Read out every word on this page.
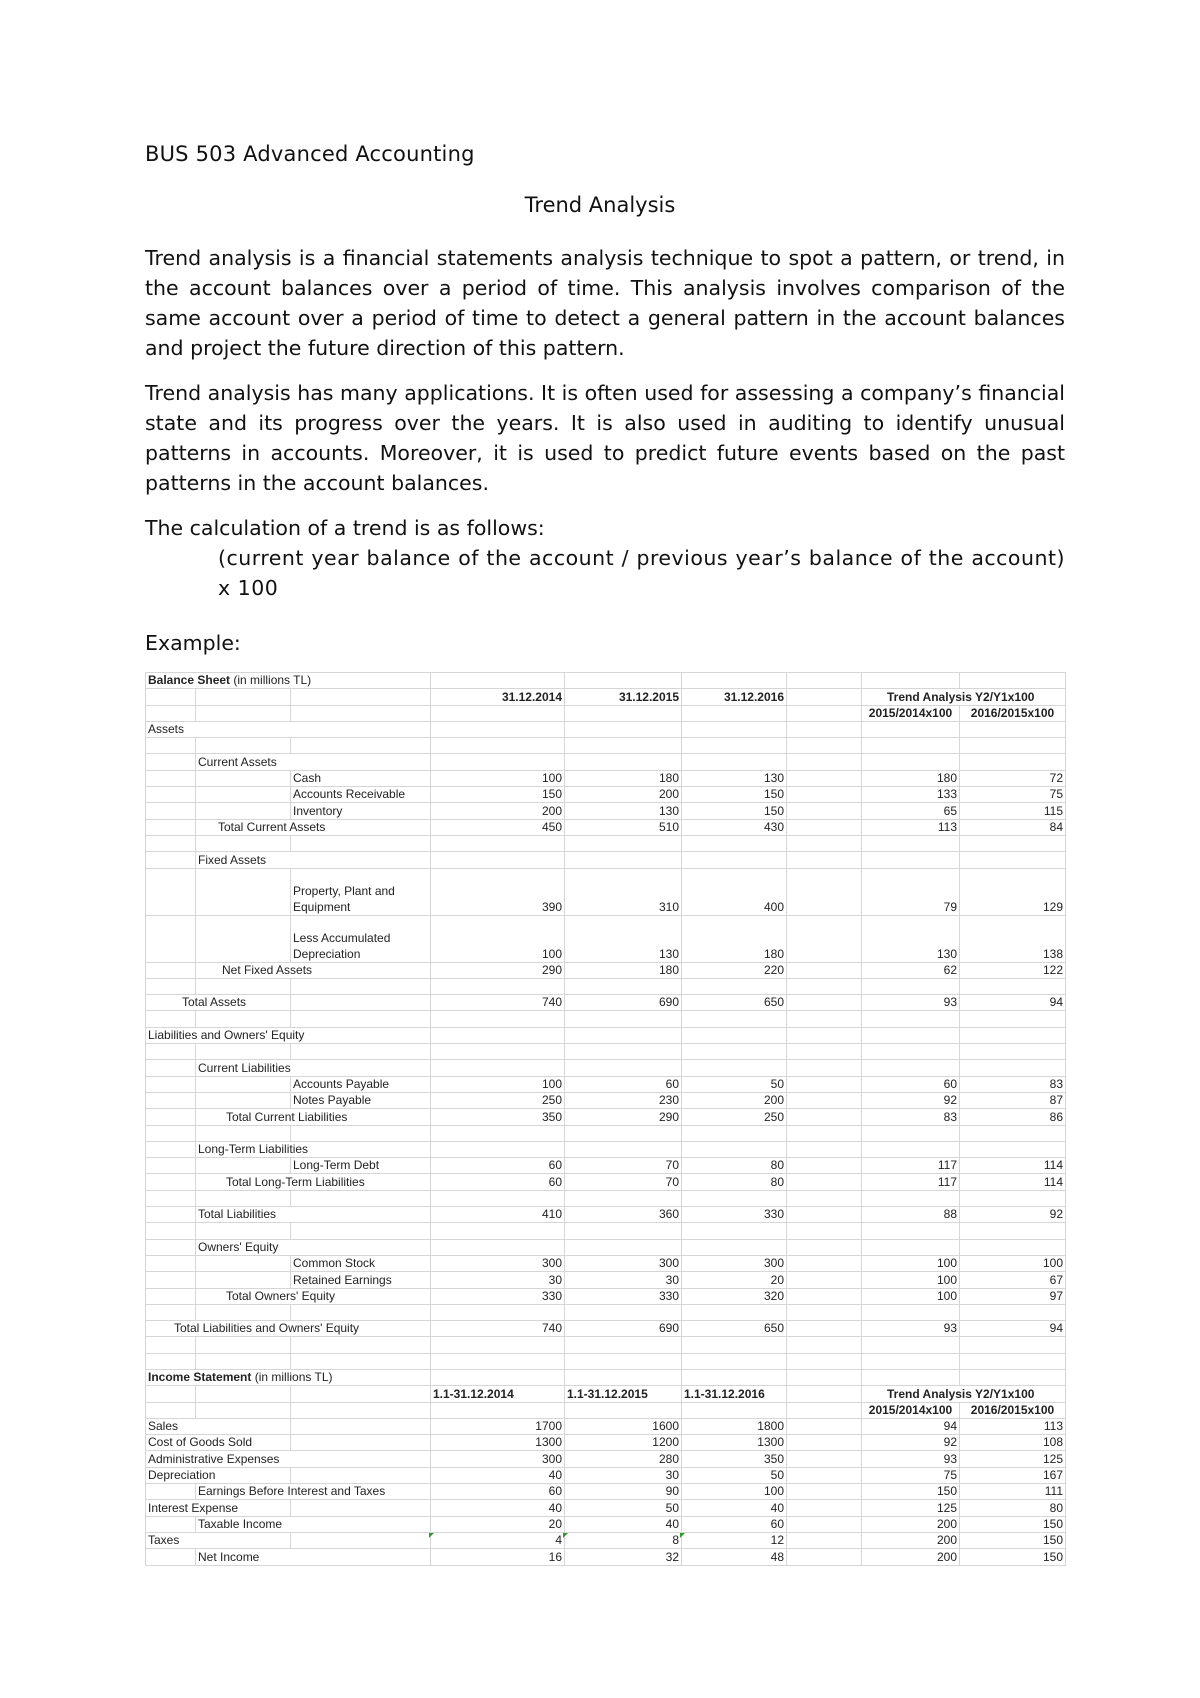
BUS 503 Advanced Accounting
Trend Analysis
Trend analysis is a financial statements analysis technique to spot a pattern, or trend, in the account balances over a period of time. This analysis involves comparison of the same account over a period of time to detect a general pattern in the account balances and project the future direction of this pattern.
Trend analysis has many applications. It is often used for assessing a company’s financial state and its progress over the years. It is also used in auditing to identify unusual patterns in accounts. Moreover, it is used to predict future events based on the past patterns in the account balances.
The calculation of a trend is as follows:
(current year balance of the account / previous year’s balance of the account) x 100
Example:
Balance Sheet (in millions TL)								
			31.12.2014	31.12.2015	31.12.2016		Trend Analysis Y2/Y1x100	
							2015/2014x100	2016/2015x100
Assets								

	Current Assets							
		Cash	100	180	130		180	72
		Accounts Receivable	150	200	150		133	75
		Inventory	200	130	150		65	115
	Total Current Assets		450	510	430		113	84

	Fixed Assets							
		Property, Plant and Equipment	390	310	400		79	129
		Less Accumulated Depreciation	100	130	180		130	138
	Net Fixed Assets		290	180	220		62	122

Total Assets			740	690	650		93	94

Liabilities and Owners' Equity								

	Current Liabilities							
		Accounts Payable	100	60	50		60	83
		Notes Payable	250	230	200		92	87
	Total Current Liabilities		350	290	250		83	86

	Long-Term Liabilities							
		Long-Term Debt	60	70	80		117	114
	Total Long-Term Liabilities		60	70	80		117	114

	Total Liabilities		410	360	330		88	92

	Owners' Equity							
		Common Stock	300	300	300		100	100
		Retained Earnings	30	30	20		100	67
	Total Owners' Equity		330	330	320		100	97

Total Liabilities and Owners' Equity			740	690	650		93	94

Income Statement (in millions TL)								
			1.1-31.12.2014	1.1-31.12.2015	1.1-31.12.2016		Trend Analysis Y2/Y1x100	
							2015/2014x100	2016/2015x100
Sales			1700	1600	1800		94	113
Cost of Goods Sold			1300	1200	1300		92	108
Administrative Expenses			300	280	350		93	125
Depreciation			40	30	50		75	167
	Earnings Before Interest and Taxes		60	90	100		150	111
Interest Expense			40	50	40		125	80
	Taxable Income		20	40	60		200	150
Taxes			4	8	12		200	150
	Net Income		16	32	48		200	150
